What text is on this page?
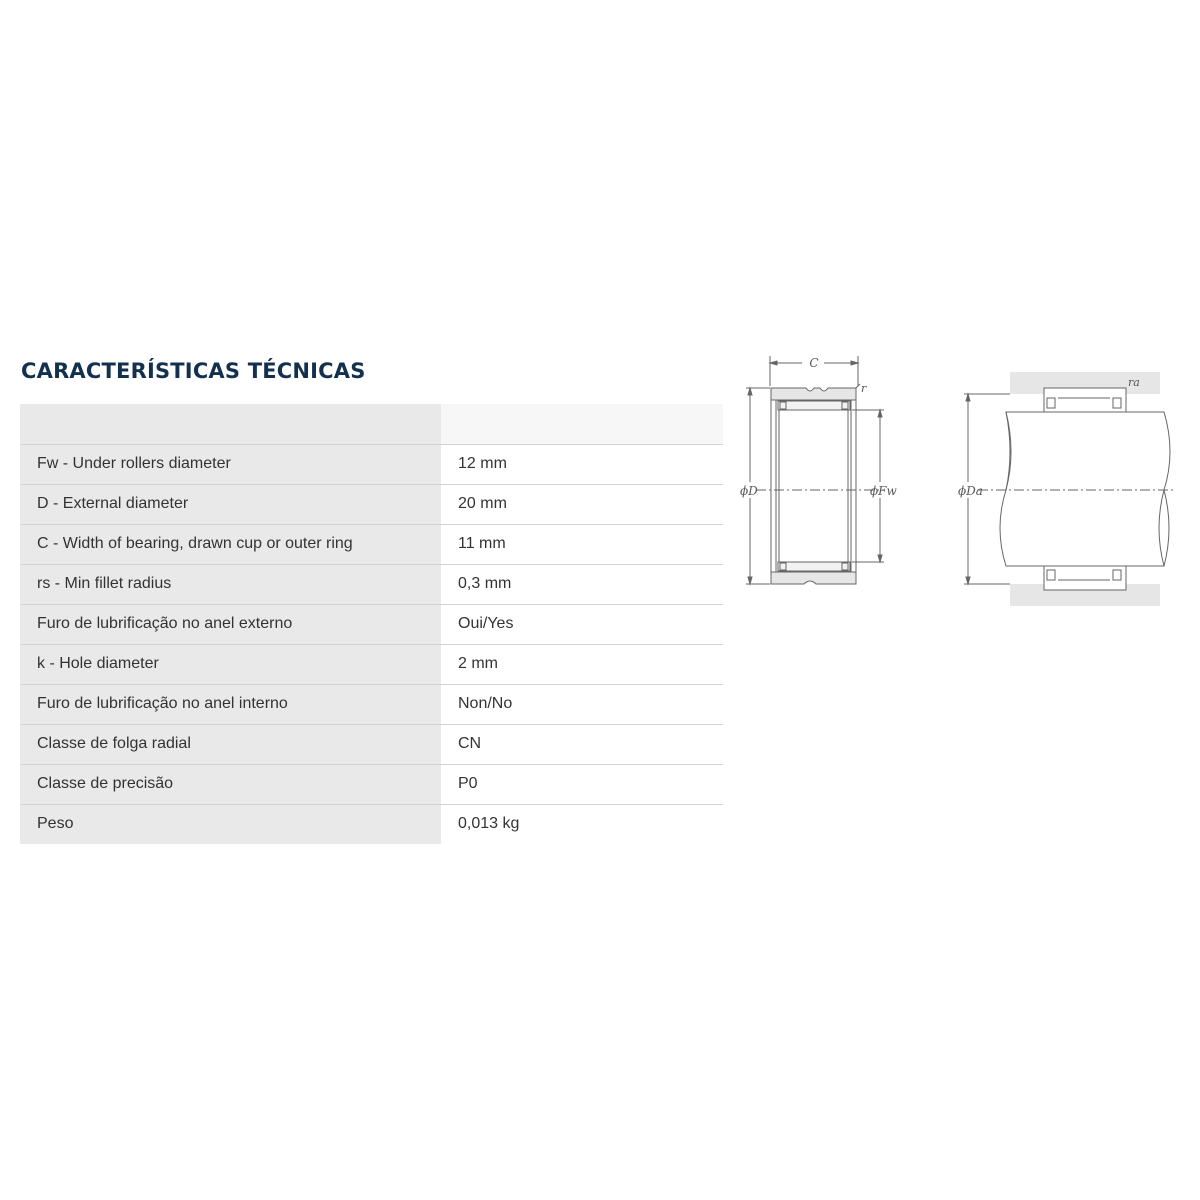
CARACTERÍSTICAS TÉCNICAS

Fw - Under rollers diameter	12 mm
D - External diameter	20 mm
C - Width of bearing, drawn cup or outer ring	11 mm
rs - Min fillet radius	0,3 mm
Furo de lubrificação no anel externo	Oui/Yes
k - Hole diameter	2 mm
Furo de lubrificação no anel interno	Non/No
Classe de folga radial	CN
Classe de precisão	P0
Peso	0,013 kg
C
r
ϕD	ϕFw	ϕDa
ra
